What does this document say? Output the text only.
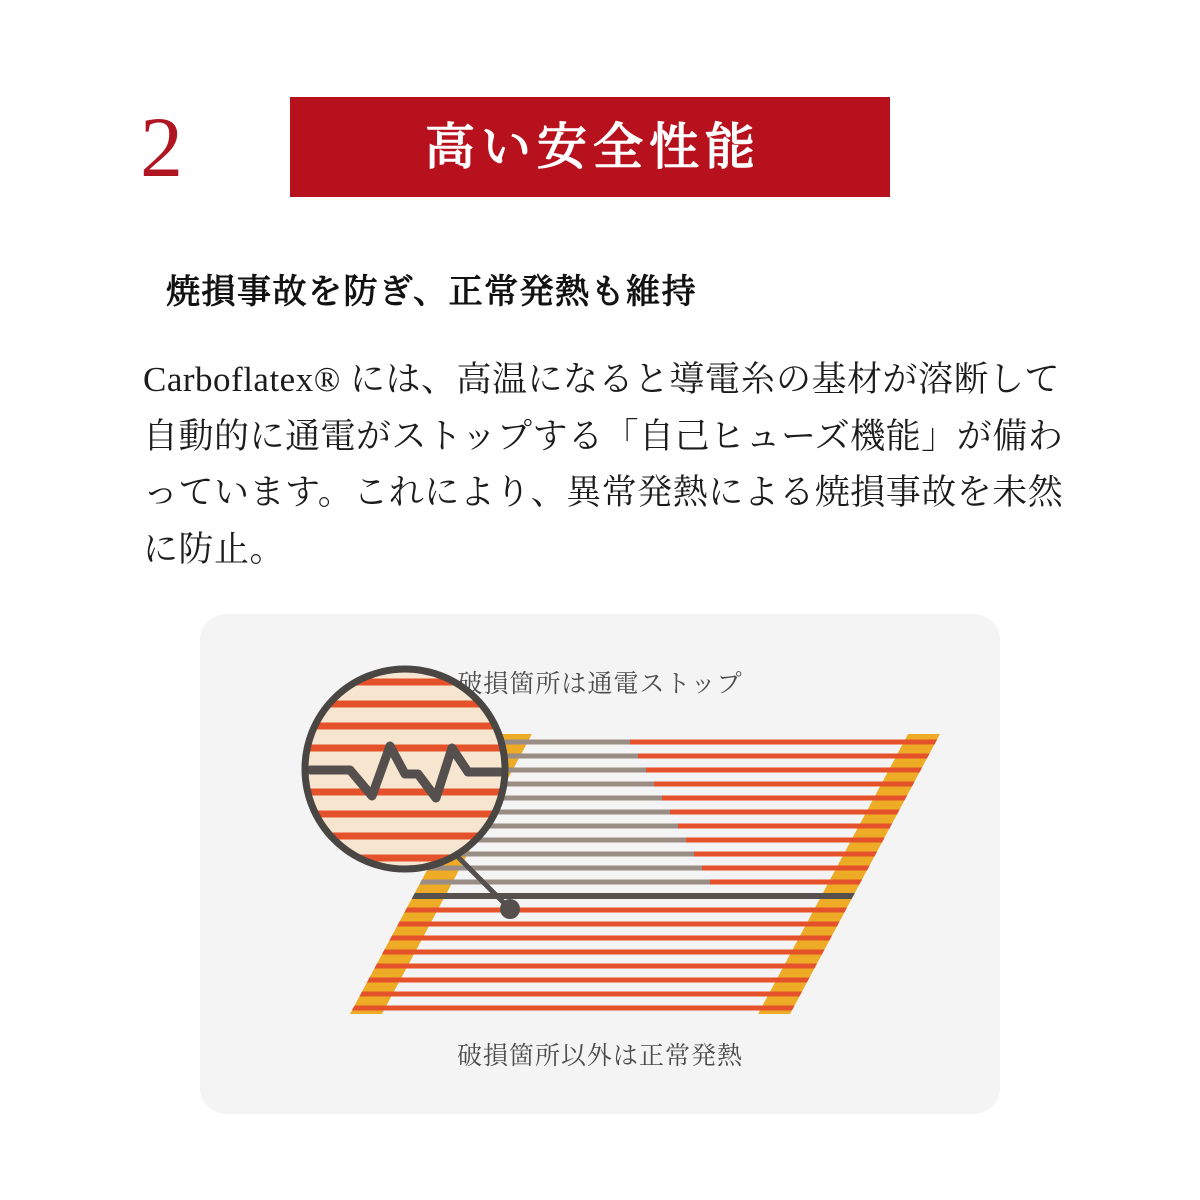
2	高い安全性能
焼損事故を防ぎ、正常発熱も維持
Carboflatex® には、高温になると導電糸の基材が溶断して自動的に通電がストップする「自己ヒューズ機能」が備わっています。これにより、異常発熱による焼損事故を未然に防止。
破損箇所は通電ストップ
破損箇所以外は正常発熱
